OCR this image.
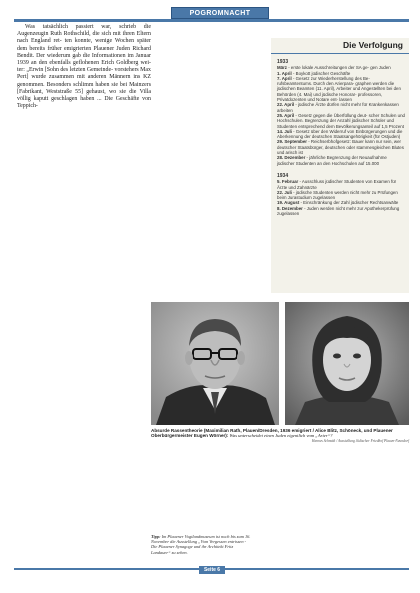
POGROMNACHT

Was tatsächlich passiert war, schrieb die Augenzeugin Ruth Rothschild, die sich mit ihren Eltern nach England ret- ten konnte, wenige Wochen später dem bereits früher emigrierten Plauener Juden Richard Bendit. Der wiederum gab die Informationen im Januar 1939 an den ebenfalls geflohenen Erich Goldberg wei- ter: „Erwin [Sohn des letzten Gemeinde- vorstehers Max Pert] wurde zusammen mit anderen Männern ins KZ genommen. Besonders schlimm haben sie bei Mainzers [Fabrikant, Weststraße 55] gehaust, wo sie die Villa völlig kaputt geschlagen haben ... Die Geschäfte von Teppich-

Die Verfolgung
1933

März - erste lokale Ausschreitungen der SA ge- gen Juden

1. April - Boykott jüdischer Geschäfte

7. April - Gesetz zur Wiederherstellung des Be- rufsbeamtentums. Durch den Arierpara- graphen werden die jüdischen Beamten (11. April), Arbeiter und Angestellten bei den Behörden (4. Mai) und jüdische Honorar- professoren, Privatdozenten und Notare ent- lassen

22. April - jüdische Ärzte dürfen nicht mehr für Krankenkassen arbeiten

25. April - Gesetz gegen die Überfüllung deut- scher Schulen und Hochschulen. Begrenzung der Anzahl jüdischer Schüler und Studenten entsprechend dem Bevölkerungsanteil auf 1,5 Prozent

14. Juli - Gesetz über den Widerruf von Einbürgerungen und die Aberkennung der deutschen Staatsangehörigkeit (für Ostjuden)

29. September - Reichserbhofgesetz: Bauer kann nur sein, wer deutscher Staatsbürger, deutschen oder stammesgleichen Blutes und arisch ist

28. Dezember - jährliche Begrenzung der Neuaufnahme jüdischer Studenten an den Hochschulen auf 15.000

1934

5. Februar - Ausschluss jüdischer Studenten von Examen für Ärzte und Zahnärzte

22. Juli - jüdische Studenten werden nicht mehr zu Prüfungen beim Jurastudium zugelassen

19. August - Einschränkung der Zahl jüdischer Rechtsanwälte

8. Dezember - Juden werden nicht mehr zur Apothekerprüfung zugelassen

Absurde Rassentheorie (Maximilian Rath, Plauen/Dresden, 1936 emigriert / Alice Blitz, Schöneck, und Plauener Oberbürgermeister Eugen Wörner): Was unterscheidet einen Juden eigentlich vom „Arier“?
Hannes Schmidt / Ausstellung Jüdischer Friedhof Plauen-Neundorf
Tipp: Im Plauener Vogtlandmuseum ist noch bis zum 16. November die Ausstellung „Vom Vergessen entrissen - Die Plauener Synagoge und ihr Architekt Fritz Landauer“ zu sehen.
Seite 6
